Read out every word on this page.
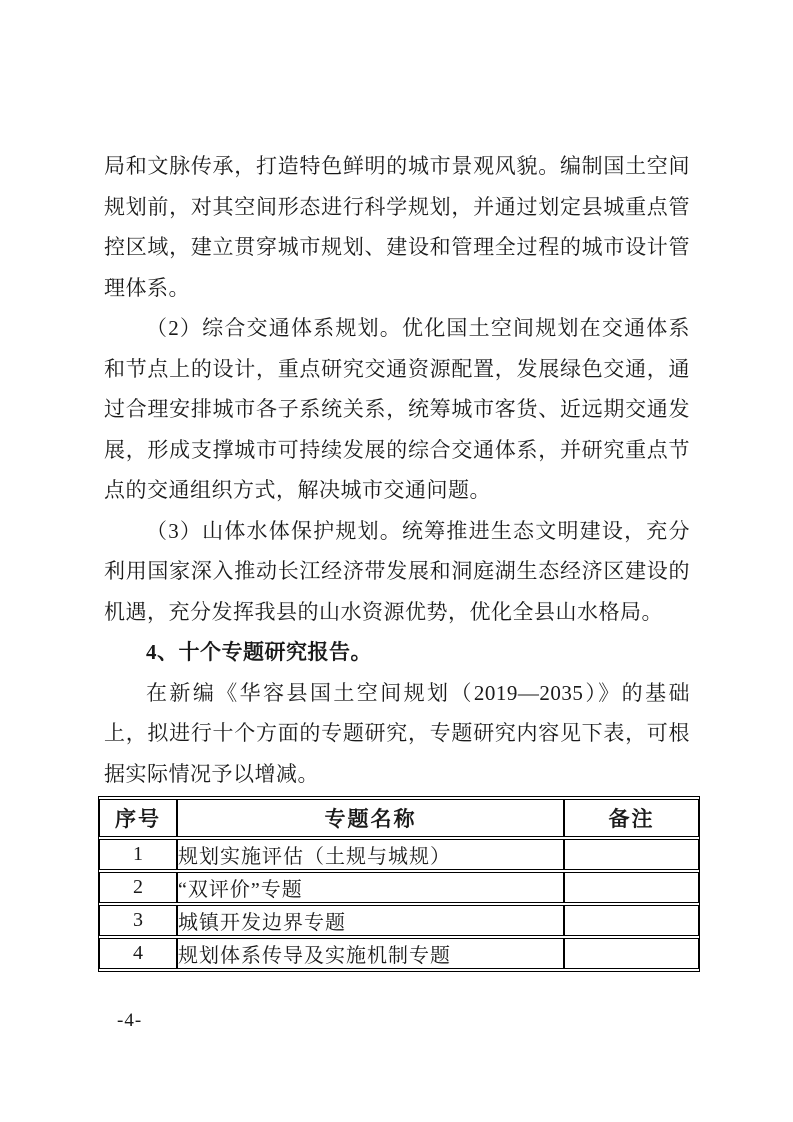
局和文脉传承，打造特色鲜明的城市景观风貌。编制国土空间规划前，对其空间形态进行科学规划，并通过划定县城重点管控区域，建立贯穿城市规划、建设和管理全过程的城市设计管理体系。

（2）综合交通体系规划。优化国土空间规划在交通体系和节点上的设计，重点研究交通资源配置，发展绿色交通，通过合理安排城市各子系统关系，统筹城市客货、近远期交通发展，形成支撑城市可持续发展的综合交通体系，并研究重点节点的交通组织方式，解决城市交通问题。

（3）山体水体保护规划。统筹推进生态文明建设，充分利用国家深入推动长江经济带发展和洞庭湖生态经济区建设的机遇，充分发挥我县的山水资源优势，优化全县山水格局。

4、十个专题研究报告。

在新编《华容县国土空间规划（2019—2035）》的基础上，拟进行十个方面的专题研究，专题研究内容见下表，可根据实际情况予以增减。

序号	专题名称	备注
1	规划实施评估（土规与城规）	
2	“双评价”专题	
3	城镇开发边界专题	
4	规划体系传导及实施机制专题	
-4-
